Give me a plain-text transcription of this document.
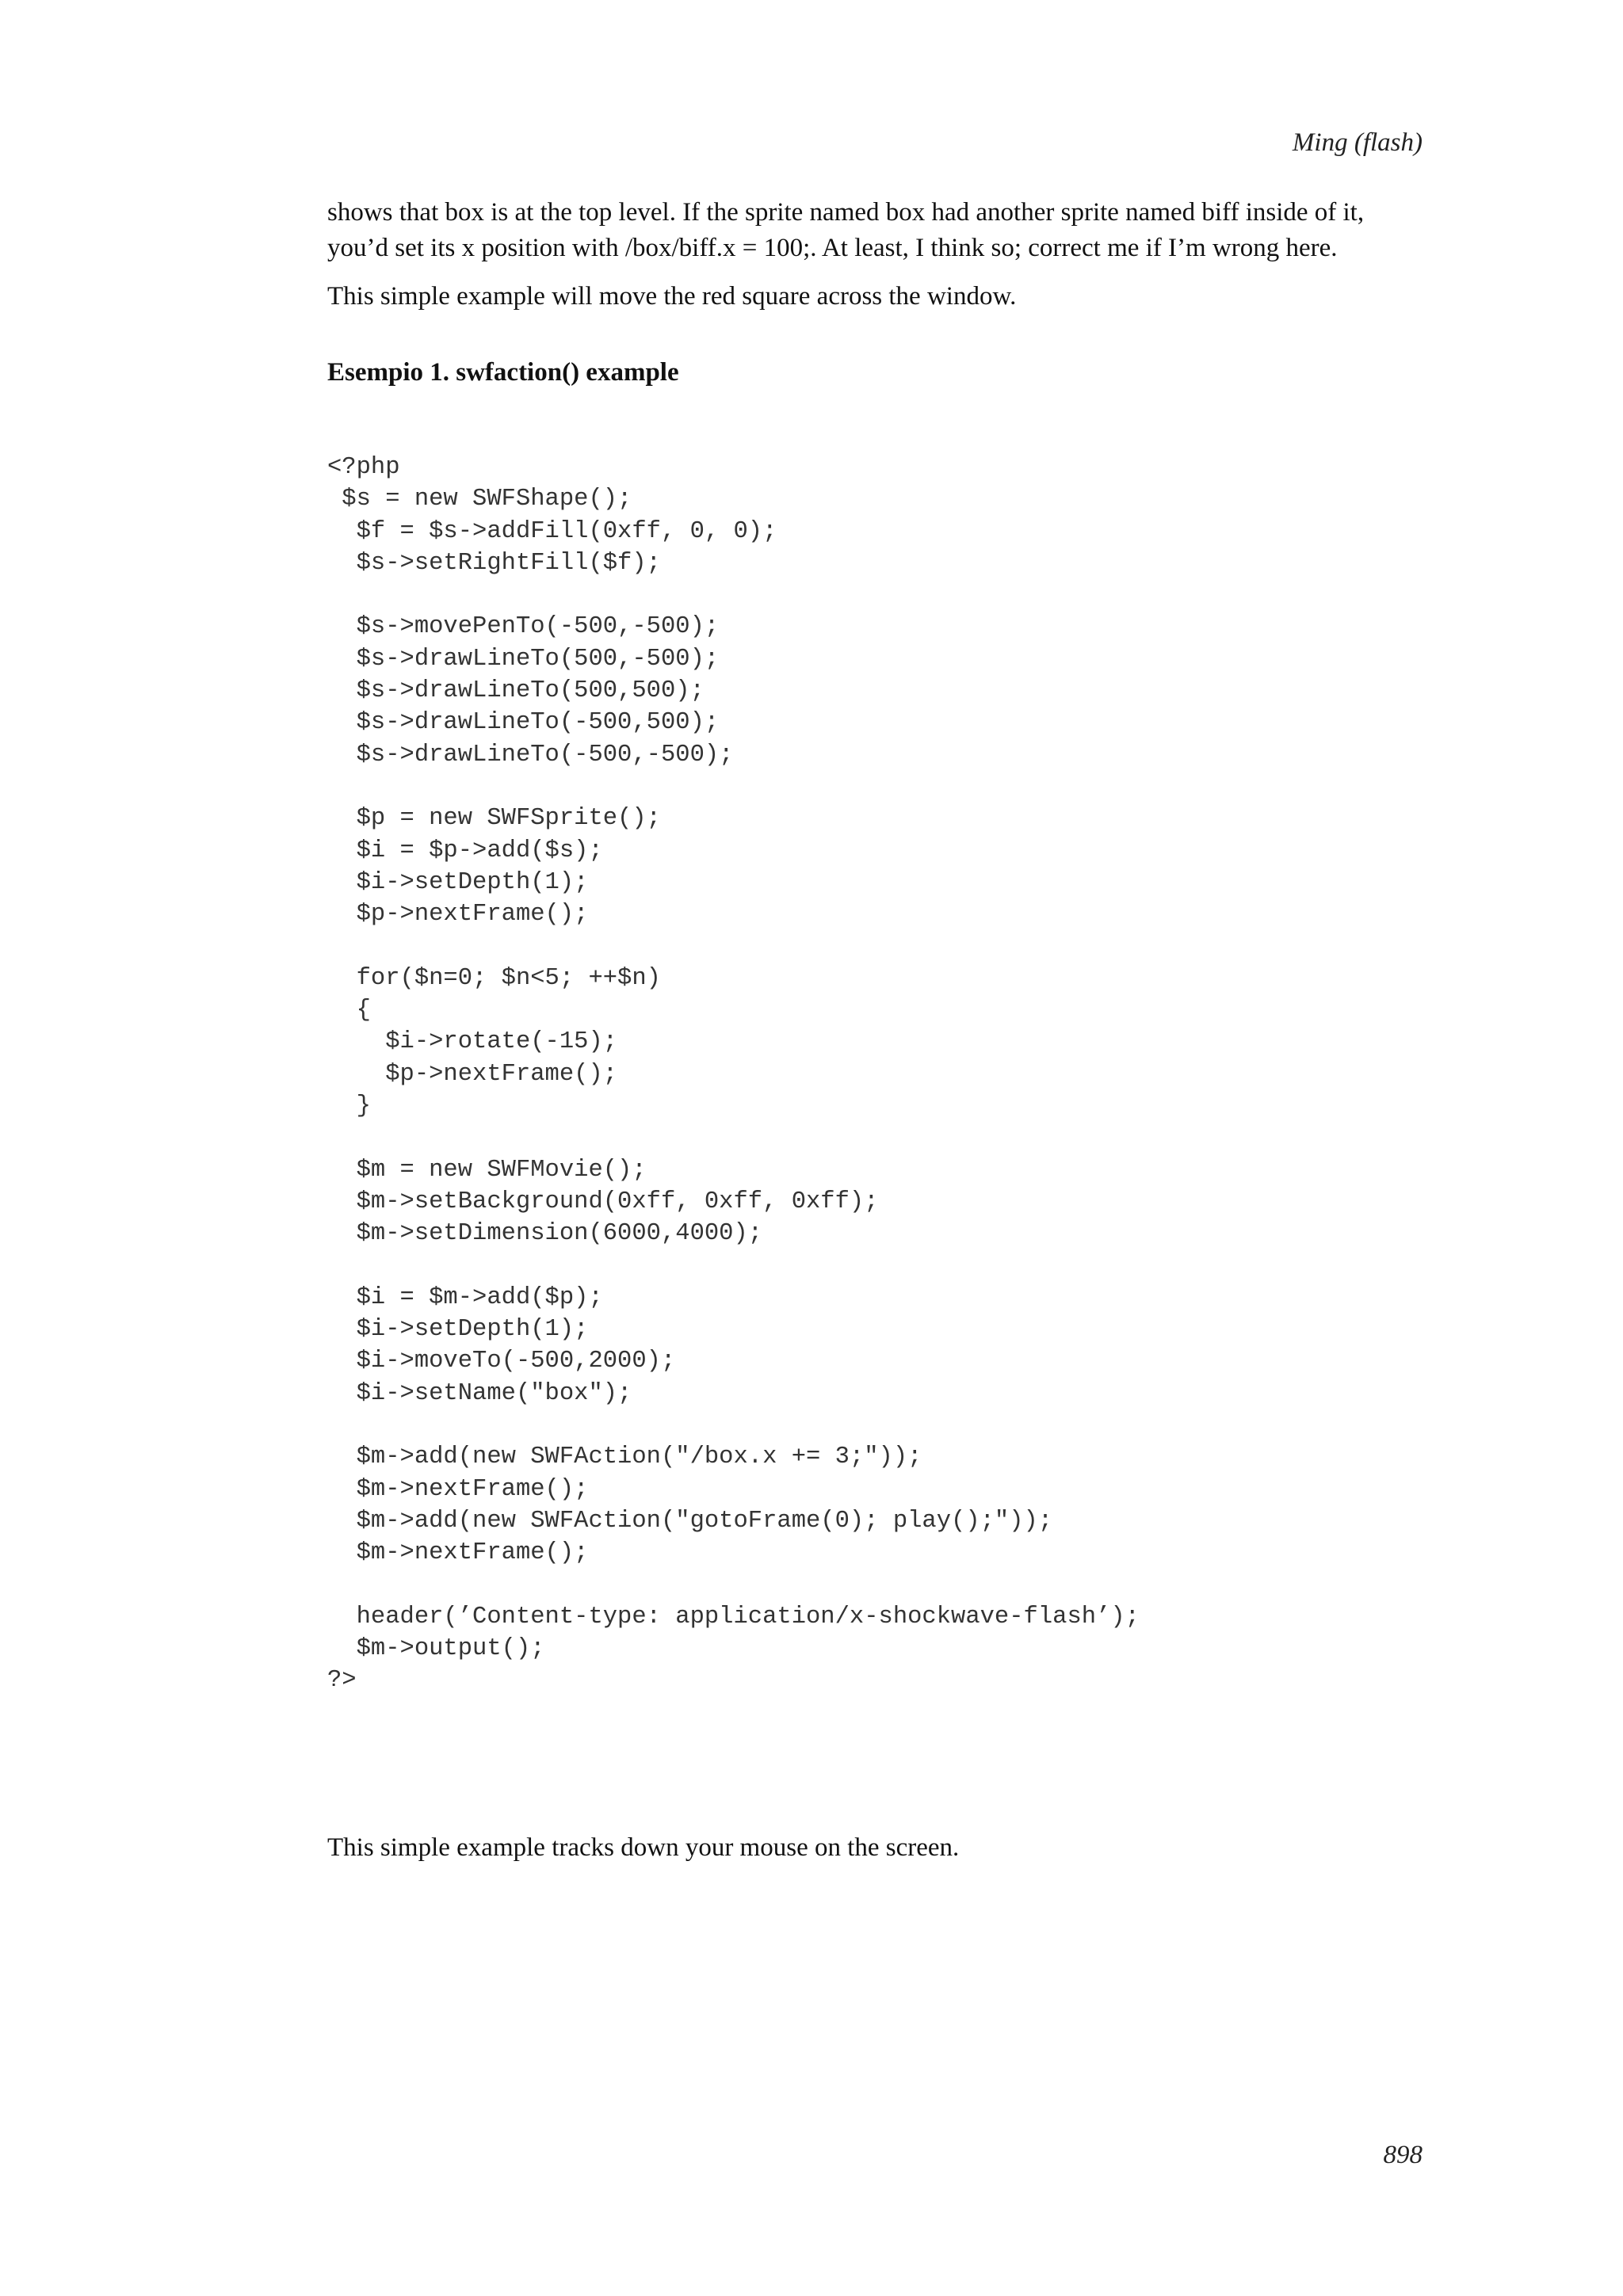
Ming (flash)

shows that box is at the top level. If the sprite named box had another sprite named biff inside of it, you’d set its x position with /box/biff.x = 100;. At least, I think so; correct me if I’m wrong here.

This simple example will move the red square across the window.

Esempio 1. swfaction() example
<?php
$s = new SWFShape();
$f = $s->addFill(0xff, 0, 0);
$s->setRightFill($f);

$s->movePenTo(-500,-500);
$s->drawLineTo(500,-500);
$s->drawLineTo(500,500);
$s->drawLineTo(-500,500);
$s->drawLineTo(-500,-500);

$p = new SWFSprite();
$i = $p->add($s);
$i->setDepth(1);
$p->nextFrame();

for($n=0; $n<5; ++$n)
{
$i->rotate(-15);
$p->nextFrame();
}

$m = new SWFMovie();
$m->setBackground(0xff, 0xff, 0xff);
$m->setDimension(6000,4000);

$i = $m->add($p);
$i->setDepth(1);
$i->moveTo(-500,2000);
$i->setName("box");

$m->add(new SWFAction("/box.x += 3;"));
$m->nextFrame();
$m->add(new SWFAction("gotoFrame(0); play();"));
$m->nextFrame();

header(’Content-type: application/x-shockwave-flash’);
$m->output();
?>

This simple example tracks down your mouse on the screen.

898
